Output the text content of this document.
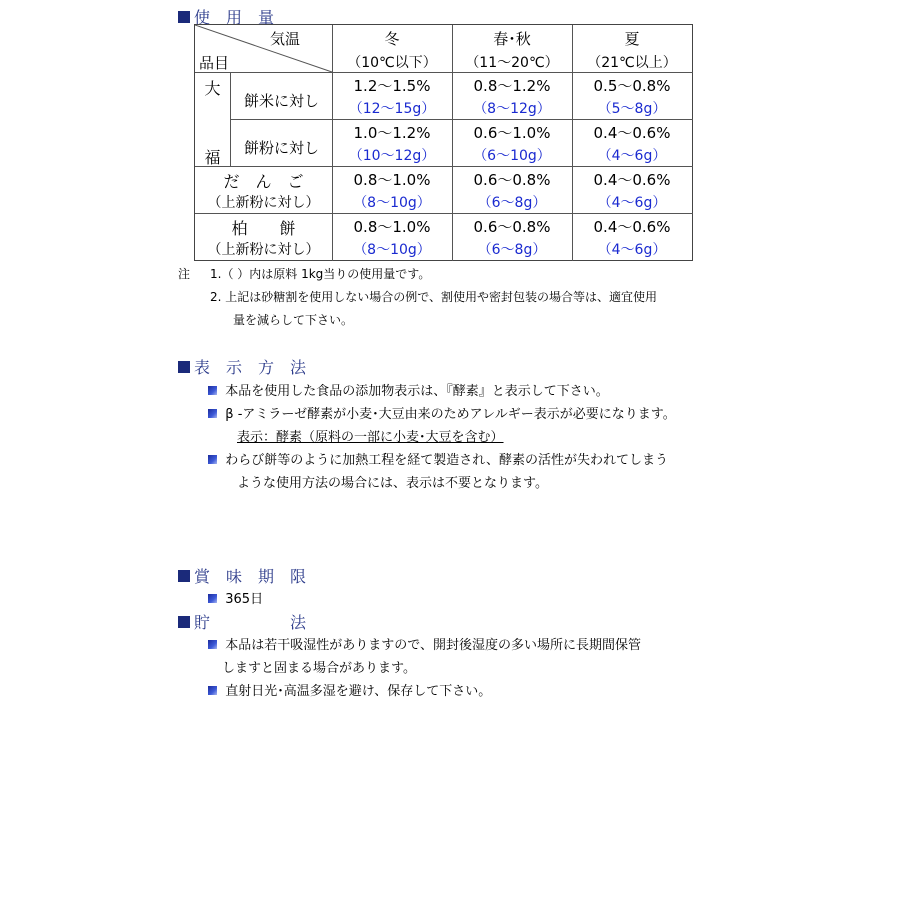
使　用　量
気温
品目
冬
（10℃以下）
春･秋
（11～20℃）
夏
（21℃以上）
大
福
餅米に対し
1.2～1.5%
（12～15g）
0.8～1.2%
（8～12g）
0.5～0.8%
（5～8g）
餅粉に対し
1.0～1.2%
（10～12g）
0.6～1.0%
（6～10g）
0.4～0.6%
（4～6g）
だ　ん　ご
（上新粉に対し）
0.8～1.0%
（8～10g）
0.6～0.8%
（6～8g）
0.4～0.6%
（4～6g）
柏　　餅
（上新粉に対し）
0.8～1.0%
（8～10g）
0.6～0.8%
（6～8g）
0.4～0.6%
（4～6g）
注 1.（ ）内は原料 1kg当りの使用量です。
2. 上記は砂糖割を使用しない場合の例で、割使用や密封包装の場合等は、適宜使用
量を減らして下さい。
表　示　方　法
本品を使用した食品の添加物表示は、『酵素』と表示して下さい。
β -アミラーゼ酵素が小麦･大豆由来のためアレルギー表示が必要になります。
表示：酵素（原料の一部に小麦･大豆を含む）
わらび餅等のように加熱工程を経て製造され、酵素の活性が失われてしまう
ような使用方法の場合には、表示は不要となります。
賞　味　期　限
365日
貯　　　　　法
本品は若干吸湿性がありますので、開封後湿度の多い場所に長期間保管
しますと固まる場合があります。
直射日光･高温多湿を避け、保存して下さい。
